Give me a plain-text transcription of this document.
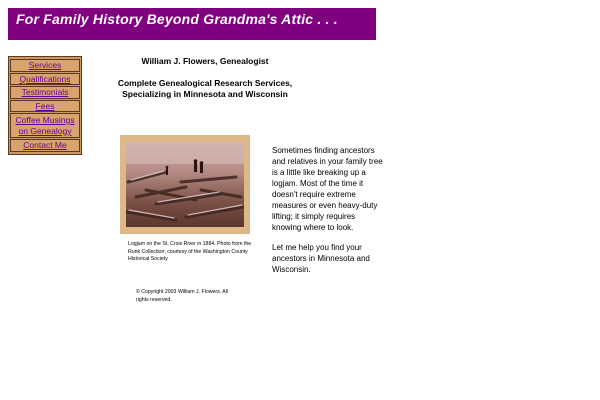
For Family History Beyond Grandma's Attic . . .
Services
Qualifications
Testimonials
Fees
Coffee Musings on Genealogy
Contact Me
William J. Flowers, Genealogist
Complete Genealogical Research Services, Specializing in Minnesota and Wisconsin
Logjam on the St. Croix River in 1884. Photo from the Runk Collection; courtesy of the Washington County Historical Society
© Copyright 2003 William J. Flowers. All rights reserved.

Sometimes finding ancestors and relatives in your family tree is a little like breaking up a logjam. Most of the time it doesn't require extreme measures or even heavy-duty lifting; it simply requires knowing where to look.

Let me help you find your ancestors in Minnesota and Wisconsin.
